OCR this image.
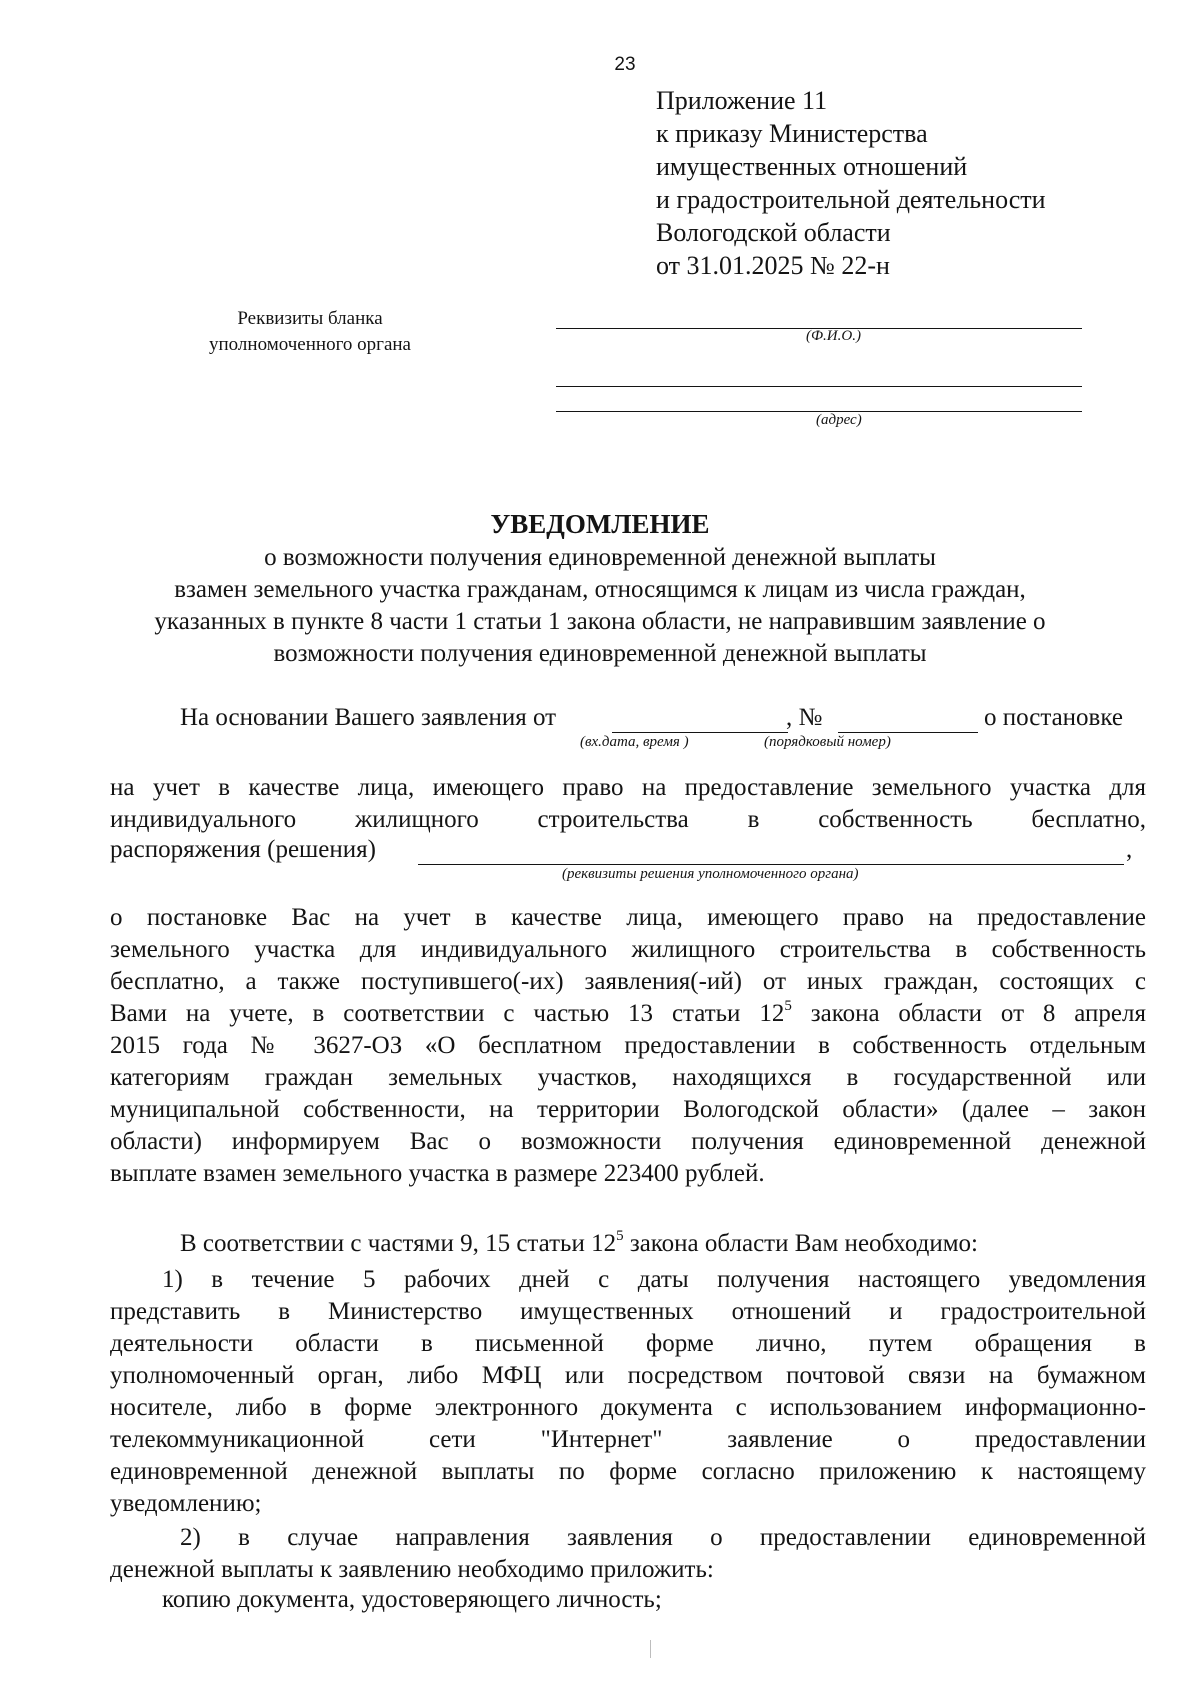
23
Приложение 11
к приказу Министерства
имущественных отношений
и градостроительной деятельности
Вологодской области
от 31.01.2025 № 22-н
Реквизиты бланка
уполномоченного органа	(Ф.И.О.)
(адрес)
УВЕДОМЛЕНИЕ
о возможности получения единовременной денежной выплаты
взамен земельного участка гражданам, относящимся к лицам из числа граждан,
указанных в пункте 8 части 1 статьи 1 закона области, не направившим заявление о
возможности получения единовременной денежной выплаты
На основании Вашего заявления от	, №	о постановке
(вх.дата, время )	(порядковый номер)
на учет в качестве лица, имеющего право на предоставление земельного участка для
индивидуального жилищного строительства в собственность бесплатно,
распоряжения (решения)	,
(реквизиты решения уполномоченного органа)
о постановке Вас на учет в качестве лица, имеющего право на предоставление
земельного участка для индивидуального жилищного строительства в собственность
бесплатно, а также поступившего(-их) заявления(-ий) от иных граждан, состоящих с
Вами на учете, в соответствии с частью 13 статьи $12^5$ закона области от 8 апреля
2015 года № 3627-ОЗ «О бесплатном предоставлении в собственность отдельным
категориям граждан земельных участков, находящихся в государственной или
муниципальной собственности, на территории Вологодской области» (далее – закон
области) информируем Вас о возможности получения единовременной денежной
выплате взамен земельного участка в размере 223400 рублей.
В соответствии с частями 9, 15 статьи $12^5$ закона области Вам необходимо:
1) в течение 5 рабочих дней с даты получения настоящего уведомления
представить в Министерство имущественных отношений и градостроительной
деятельности области в письменной форме лично, путем обращения в
уполномоченный орган, либо МФЦ или посредством почтовой связи на бумажном
носителе, либо в форме электронного документа с использованием информационно-
телекоммуникационной сети "Интернет" заявление о предоставлении
единовременной денежной выплаты по форме согласно приложению к настоящему
уведомлению;
2) в случае направления заявления о предоставлении единовременной
денежной выплаты к заявлению необходимо приложить:
копию документа, удостоверяющего личность;
